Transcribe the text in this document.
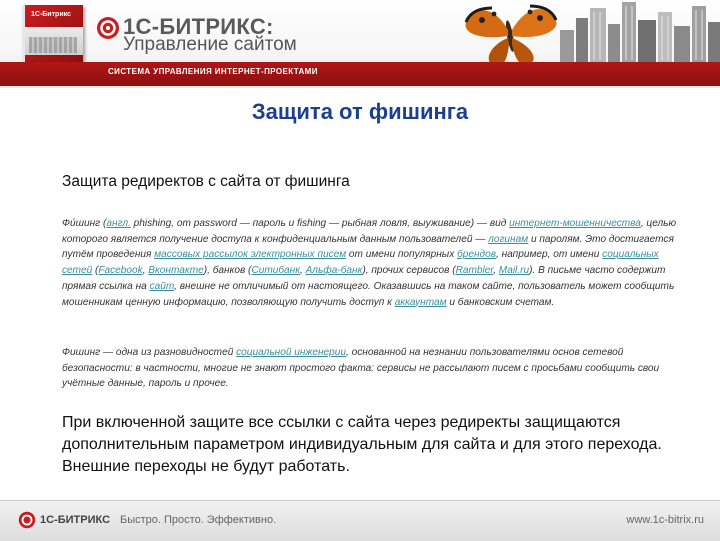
1С-Битрикс 1С-БИТРИКС:
Управление сайтом
СИСТЕМА УПРАВЛЕНИЯ ИНТЕРНЕТ-ПРОЕКТАМИ
Защита от фишинга
Защита редиректов с сайта от фишинга

Фи́шинг (англ. phishing, от password — пароль и fishing — рыбная ловля, выуживание) — вид интернет-мошенничества, целью которого является получение доступа к конфиденциальным данным пользователей — логинам и паролям. Это достигается путём проведения массовых рассылок электронных писем от имени популярных брендов, например, от имени социальных сетей (Facebook, Вконтакте), банков (Ситибанк, Альфа-банк), прочих сервисов (Rambler, Mail.ru). В письме часто содержит прямая ссылка на сайт, внешне не отличимый от настоящего. Оказавшись на таком сайте, пользователь может сообщить мошенникам ценную информацию, позволяющую получить доступ к аккаунтам и банковским счетам.

Фишинг — одна из разновидностей социальной инженерии, основанной на незнании пользователями основ сетевой безопасности: в частности, многие не знают простого факта: сервисы не рассылают писем с просьбами сообщить свои учётные данные, пароль и прочее.

При включенной защите все ссылки с сайта через редиректы защищаются дополнительным параметром индивидуальным для сайта и для этого перехода. Внешние переходы не будут работать.

1С-БИТРИКС Быстро. Просто. Эффективно.	www.1c-bitrix.ru
